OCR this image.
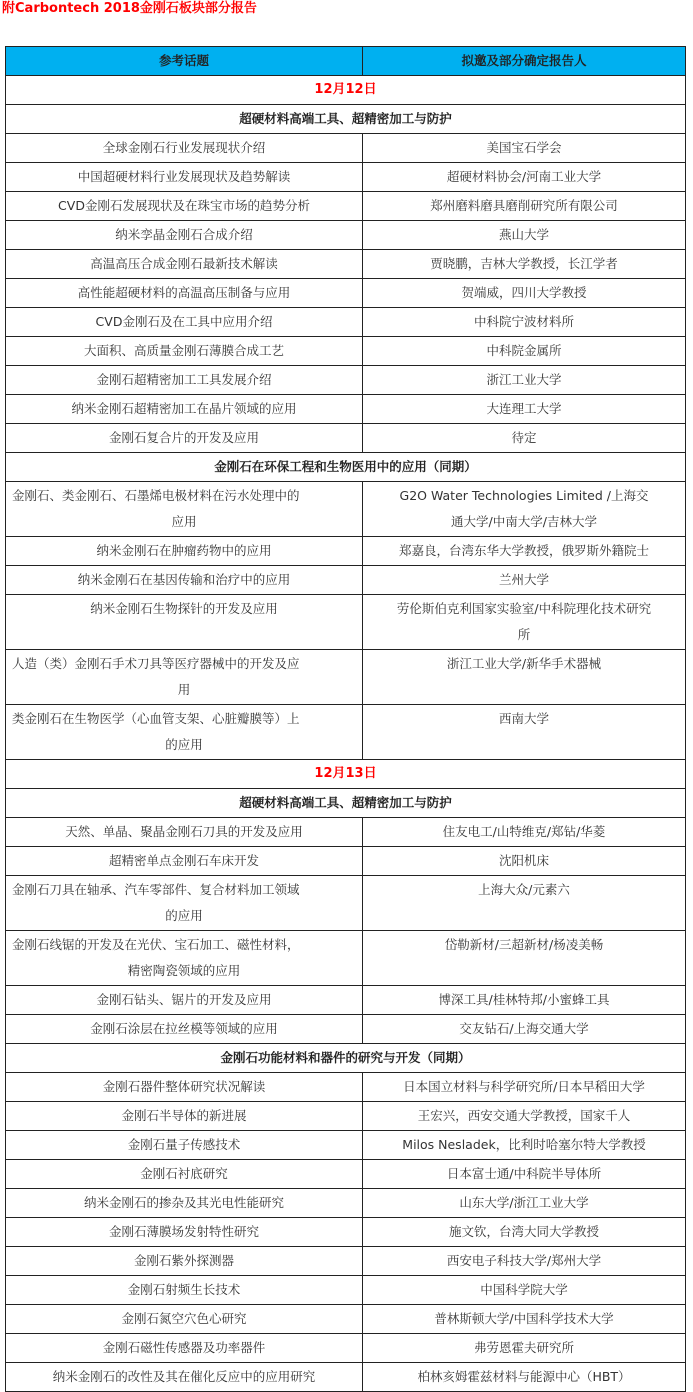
附Carbontech 2018金刚石板块部分报告
参考话题	拟邀及部分确定报告人
12月12日	
超硬材料高端工具、超精密加工与防护	
全球金刚石行业发展现状介绍	美国宝石学会
中国超硬材料行业发展现状及趋势解读	超硬材料协会/河南工业大学
CVD金刚石发展现状及在珠宝市场的趋势分析	郑州磨料磨具磨削研究所有限公司
纳米孪晶金刚石合成介绍	燕山大学
高温高压合成金刚石最新技术解读	贾晓鹏，吉林大学教授，长江学者
高性能超硬材料的高温高压制备与应用	贺端威，四川大学教授
CVD金刚石及在工具中应用介绍	中科院宁波材料所
大面积、高质量金刚石薄膜合成工艺	中科院金属所
金刚石超精密加工工具发展介绍	浙江工业大学
纳米金刚石超精密加工在晶片领域的应用	大连理工大学
金刚石复合片的开发及应用	待定
金刚石在环保工程和生物医用中的应用（同期）	

金刚石、类金刚石、石墨烯电极材料在污水处理中的
应用	G2O Water Technologies Limited /上海交
通大学/中南大学/吉林大学

纳米金刚石在肿瘤药物中的应用	郑嘉良，台湾东华大学教授，俄罗斯外籍院士
纳米金刚石在基因传输和治疗中的应用	兰州大学
纳米金刚石生物探针的开发及应用	劳伦斯伯克利国家实验室/中科院理化技术研究
所

人造（类）金刚石手术刀具等医疗器械中的开发及应
用	浙江工业大学/新华手术器械

类金刚石在生物医学（心血管支架、心脏瓣膜等）上
的应用	西南大学
12月13日	
超硬材料高端工具、超精密加工与防护	
天然、单晶、聚晶金刚石刀具的开发及应用	住友电工/山特维克/郑钻/华菱
超精密单点金刚石车床开发	沈阳机床

金刚石刀具在轴承、汽车零部件、复合材料加工领域
的应用	上海大众/元素六

金刚石线锯的开发及在光伏、宝石加工、磁性材料，
精密陶瓷领域的应用	岱勒新材/三超新材/杨凌美畅
金刚石钻头、锯片的开发及应用	博深工具/桂林特邦/小蜜蜂工具
金刚石涂层在拉丝模等领域的应用	交友钻石/上海交通大学
金刚石功能材料和器件的研究与开发（同期）	
金刚石器件整体研究状况解读	日本国立材料与科学研究所/日本早稻田大学
金刚石半导体的新进展	王宏兴，西安交通大学教授，国家千人
金刚石量子传感技术	Milos Nesladek，比利时哈塞尔特大学教授
金刚石衬底研究	日本富士通/中科院半导体所
纳米金刚石的掺杂及其光电性能研究	山东大学/浙江工业大学
金刚石薄膜场发射特性研究	施文钦，台湾大同大学教授
金刚石紫外探测器	西安电子科技大学/郑州大学
金刚石射频生长技术	中国科学院大学
金刚石氮空穴色心研究	普林斯顿大学/中国科学技术大学
金刚石磁性传感器及功率器件	弗劳恩霍夫研究所
纳米金刚石的改性及其在催化反应中的应用研究	柏林亥姆霍兹材料与能源中心（HBT）
